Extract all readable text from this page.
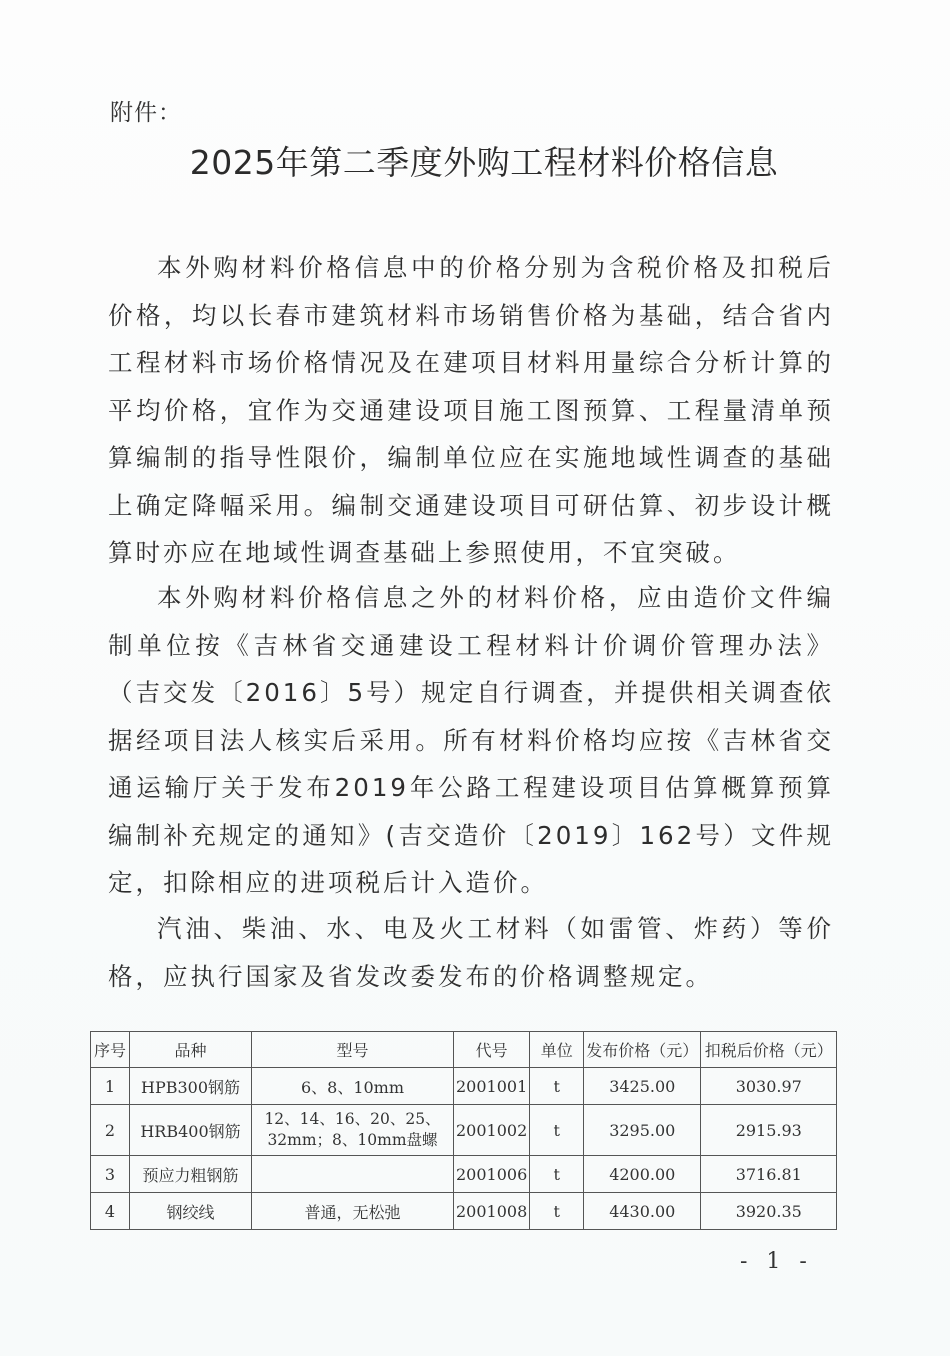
附件：
2025年第二季度外购工程材料价格信息

本外购材料价格信息中的价格分别为含税价格及扣税后价格，均以长春市建筑材料市场销售价格为基础，结合省内工程材料市场价格情况及在建项目材料用量综合分析计算的平均价格，宜作为交通建设项目施工图预算、工程量清单预算编制的指导性限价，编制单位应在实施地域性调查的基础上确定降幅采用。编制交通建设项目可研估算、初步设计概算时亦应在地域性调查基础上参照使用，不宜突破。

本外购材料价格信息之外的材料价格，应由造价文件编制单位按《吉林省交通建设工程材料计价调价管理办法》（吉交发〔2016〕5号）规定自行调查，并提供相关调查依据经项目法人核实后采用。所有材料价格均应按《吉林省交通运输厅关于发布2019年公路工程建设项目估算概算预算编制补充规定的通知》(吉交造价〔2019〕162号）文件规定，扣除相应的进项税后计入造价。

汽油、柴油、水、电及火工材料（如雷管、炸药）等价格，应执行国家及省发改委发布的价格调整规定。

序号	品种	型号	代号	单位	发布价格（元）	扣税后价格（元）
1	HPB300钢筋	6、8、10mm	2001001	t	3425.00	3030.97
2	HRB400钢筋	12、14、16、20、25、32mm；8、10mm盘螺	2001002	t	3295.00	2915.93
3	预应力粗钢筋		2001006	t	4200.00	3716.81
4	钢绞线	普通，无松弛	2001008	t	4430.00	3920.35
- 1 -
